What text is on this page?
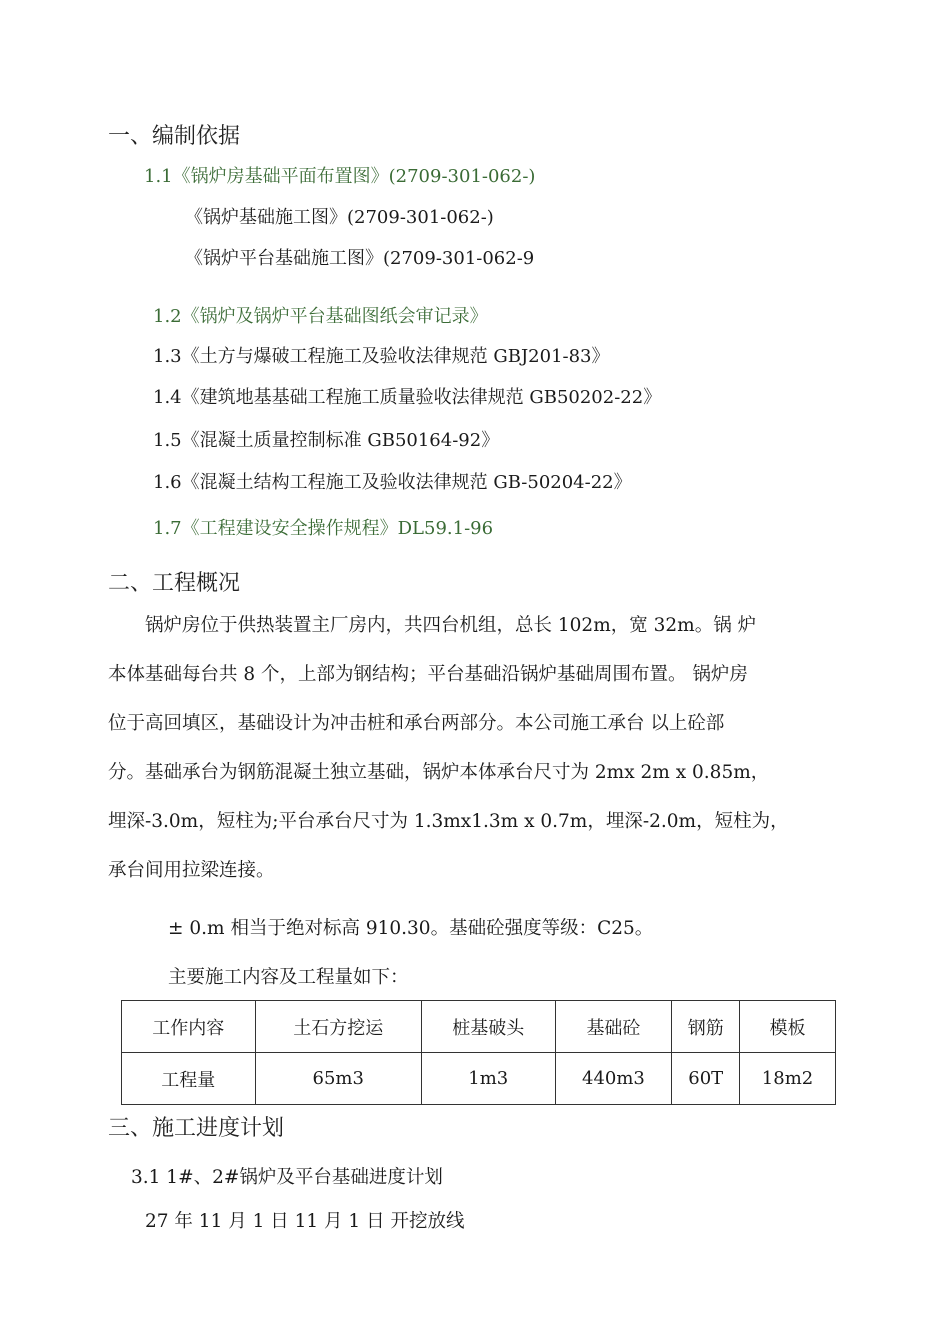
一、编制依据
1.1《锅炉房基础平面布置图》(2709-301-062-)
《锅炉基础施工图》(2709-301-062-)
《锅炉平台基础施工图》(2709-301-062-9
1.2《锅炉及锅炉平台基础图纸会审记录》
1.3《土方与爆破工程施工及验收法律规范 GBJ201-83》
1.4《建筑地基基础工程施工质量验收法律规范 GB50202-22》
1.5《混凝土质量控制标准 GB50164-92》
1.6《混凝土结构工程施工及验收法律规范 GB-50204-22》
1.7《工程建设安全操作规程》DL59.1-96
二、工程概况

　　锅炉房位于供热装置主厂房内，共四台机组，总长 102m，宽 32m。锅 炉

本体基础每台共 8 个，上部为钢结构；平台基础沿锅炉基础周围布置。 锅炉房

位于高回填区，基础设计为冲击桩和承台两部分。本公司施工承台 以上砼部

分。基础承台为钢筋混凝土独立基础，锅炉本体承台尺寸为 2mx 2m x 0.85m，

埋深-3.0m，短柱为;平台承台尺寸为 1.3mx1.3m x 0.7m，埋深-2.0m，短柱为，

承台间用拉梁连接。

± 0.m 相当于绝对标高 910.30。基础砼强度等级：C25。
主要施工内容及工程量如下：
工作内容	土石方挖运	桩基破头	基础砼	钢筋	模板
工程量	65m3	1m3	440m3	60T	18m2
三、施工进度计划
3.1 1#、2#锅炉及平台基础进度计划
27 年 11 月 1 日 11 月 1 日 开挖放线
